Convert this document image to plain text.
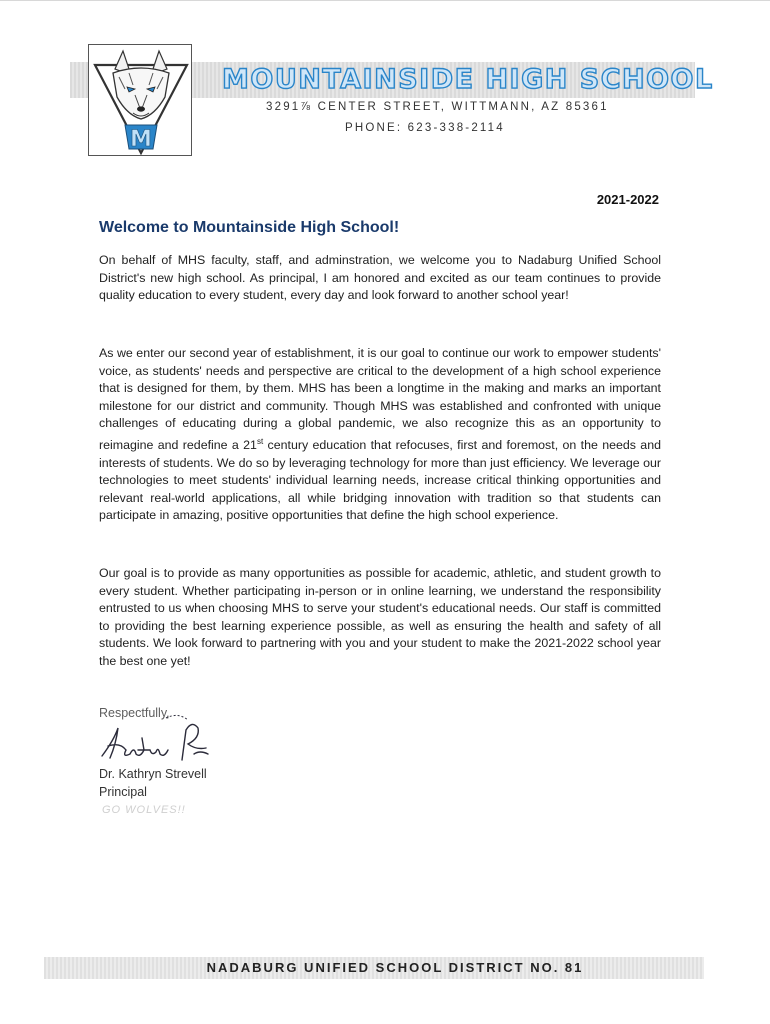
M
MOUNTAINSIDE HIGH SCHOOL
3291⅞ CENTER STREET, WITTMANN, AZ 85361
PHONE: 623-338-2114
2021-2022
Welcome to Mountainside High School!

On behalf of MHS faculty, staff, and adminstration, we welcome you to Nadaburg Unified School District's new high school. As principal, I am honored and excited as our team continues to provide quality education to every student, every day and look forward to another school year!

As we enter our second year of establishment, it is our goal to continue our work to empower students' voice, as students' needs and perspective are critical to the development of a high school experience that is designed for them, by them. MHS has been a longtime in the making and marks an important milestone for our district and community. Though MHS was established and confronted with unique challenges of educating during a global pandemic, we also recognize this as an opportunity to reimagine and redefine a 21st century education that refocuses, first and foremost, on the needs and interests of students. We do so by leveraging technology for more than just efficiency. We leverage our technologies to meet students' individual learning needs, increase critical thinking opportunities and relevant real-world applications, all while bridging innovation with tradition so that students can participate in amazing, positive opportunities that define the high school experience.

Our goal is to provide as many opportunities as possible for academic, athletic, and student growth to every student. Whether participating in-person or in online learning, we understand the responsibility entrusted to us when choosing MHS to serve your student's educational needs. Our staff is committed to providing the best learning experience possible, as well as ensuring the health and safety of all students. We look forward to partnering with you and your student to make the 2021-2022 school year the best one yet!

Respectfully,
Dr. Kathryn Strevell
Principal
GO WOLVES!!
NADABURG UNIFIED SCHOOL DISTRICT NO. 81
